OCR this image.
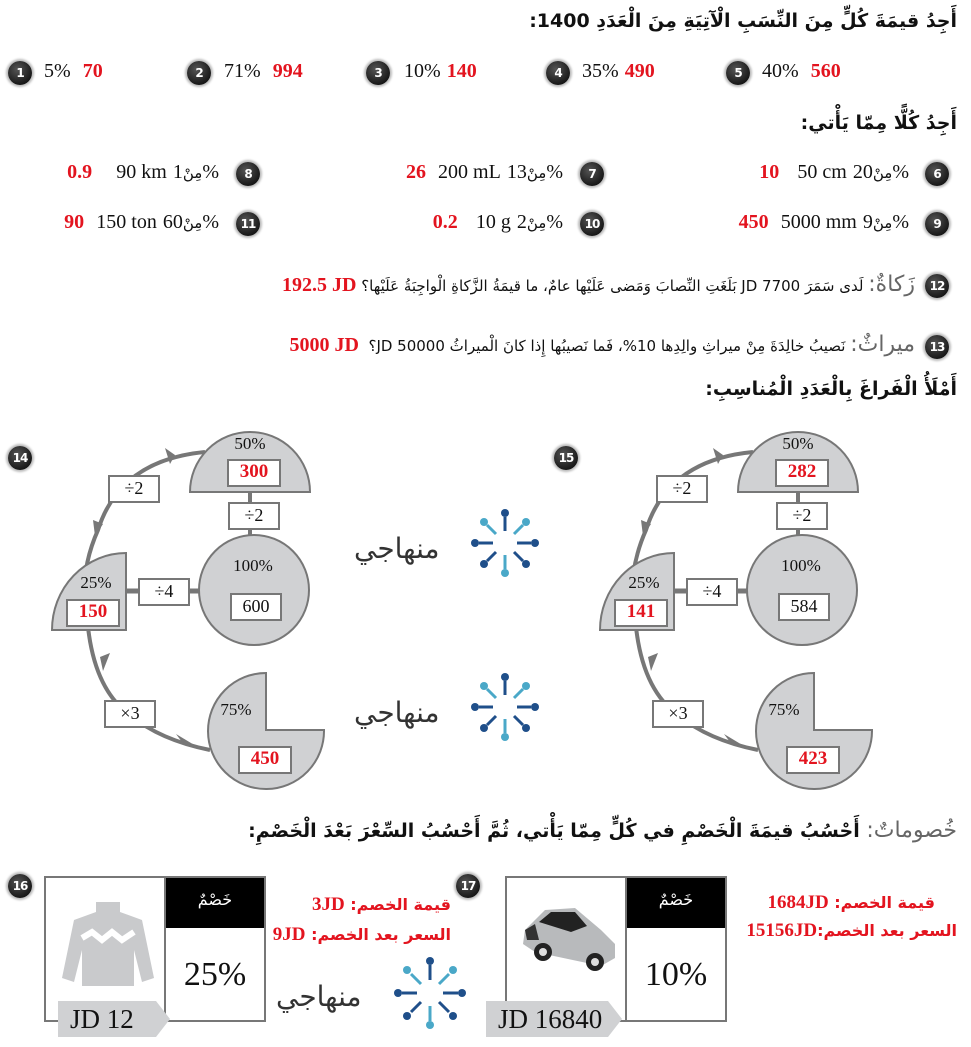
أَجِدُ قيمَةَ كُلٍّ مِنَ النِّسَبِ الْآتِيَةِ مِنَ الْعَدَدِ 1400:
1	5% 70	2	71% 994	3	10% 140	4	35% 490	5	40% 560
أَجِدُ كُلًّا مِمّا يَأْتي:
6
10 50 cm مِنْ20%
7
26 200 mL مِنْ13%
8
0.9 90 km مِنْ1%
9
450 5000 mm مِنْ9%
10
0.2 10 g مِنْ2%
11
90 150 ton مِنْ60%
12
زَكاةٌ: لَدى سَمَرَ JD 7700 بَلَغَتِ النِّصابَ وَمَضى عَلَيْها عامٌ، ما قيمَةُ الزَّكاةِ الْواجِبَةُ عَلَيْها؟ 192.5 JD
13
ميراثٌ: نَصيبُ خالِدَةَ مِنْ ميراثِ والِدِها 10%، فَما نَصيبُها إِذا كانَ الْميراثُ JD 50000؟  5000 JD
أَمْلَأُ الْفَراغَ بِالْعَدَدِ الْمُناسِبِ:
14
50%
300
÷2
100%
600
÷2
÷4
25%
150
×3	75%
450
15
50%
282
÷2
100%
584
÷2
÷4
25%
141
×3	75%
423
منهاجي
منهاجي
خُصوماتٌ: أَحْسُبُ قيمَةَ الْخَصْمِ في كُلٍّ مِمّا يَأْتي، ثُمَّ أَحْسُبُ السِّعْرَ بَعْدَ الْخَصْمِ:
16
خَصْمٌ
25%
JD 12
قيمة الخصم: 3JD
السعر بعد الخصم: 9JD
منهاجي
17
خَصْمٌ
10%
JD 16840
قيمة الخصم: 1684JD
السعر بعد الخصم:15156JD
